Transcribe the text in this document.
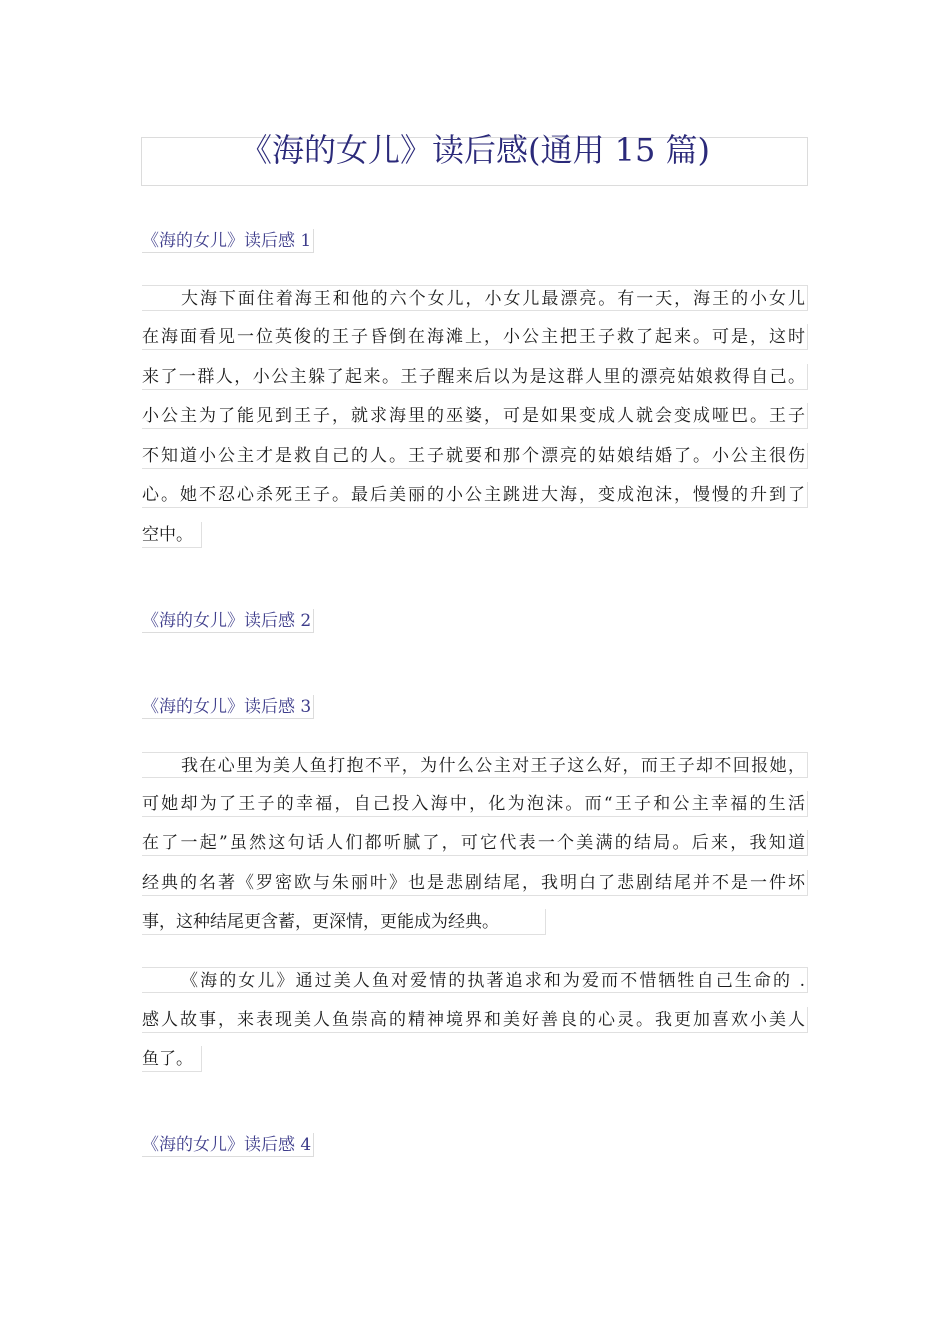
《海的女儿》读后感(通用 15 篇)
《海的女儿》读后感 1
大海下面住着海王和他的六个女儿，小女儿最漂亮。有一天，海王的小女儿
在海面看见一位英俊的王子昏倒在海滩上，小公主把王子救了起来。可是，这时
来了一群人，小公主躲了起来。王子醒来后以为是这群人里的漂亮姑娘救得自己。
小公主为了能见到王子，就求海里的巫婆，可是如果变成人就会变成哑巴。王子
不知道小公主才是救自己的人。王子就要和那个漂亮的姑娘结婚了。小公主很伤
心。她不忍心杀死王子。最后美丽的小公主跳进大海，变成泡沫，慢慢的升到了
空中。
《海的女儿》读后感 2
《海的女儿》读后感 3
我在心里为美人鱼打抱不平，为什么公主对王子这么好，而王子却不回报她，
可她却为了王子的幸福，自己投入海中，化为泡沫。而“王子和公主幸福的生活
在了一起”虽然这句话人们都听腻了，可它代表一个美满的结局。后来，我知道
经典的名著《罗密欧与朱丽叶》也是悲剧结尾，我明白了悲剧结尾并不是一件坏
事，这种结尾更含蓄，更深情，更能成为经典。
《海的女儿》通过美人鱼对爱情的执著追求和为爱而不惜牺牲自己生命的 .
感人故事，来表现美人鱼崇高的精神境界和美好善良的心灵。我更加喜欢小美人
鱼了。
《海的女儿》读后感 4
